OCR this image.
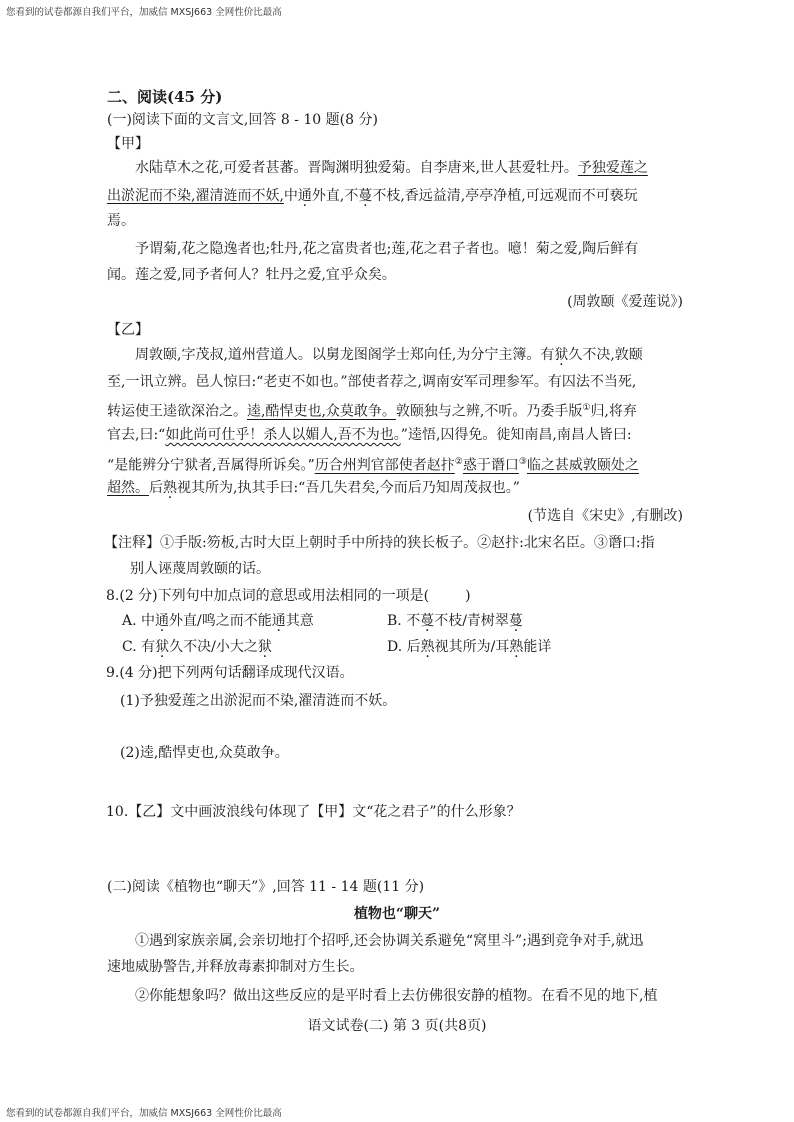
您看到的试卷都源自我们平台，加威信 MXSJ663 全网性价比最高
二、阅读(45 分)
(一)阅读下面的文言文,回答 8 - 10 题(8 分)
【甲】
水陆草木之花,可爱者甚蕃。晋陶渊明独爱菊。自李唐来,世人甚爱牡丹。予独爱莲之
出淤泥而不染,濯清涟而不妖,中通外直,不蔓不枝,香远益清,亭亭净植,可远观而不可亵玩
焉。
予谓菊,花之隐逸者也;牡丹,花之富贵者也;莲,花之君子者也。噫！菊之爱,陶后鲜有
闻。莲之爱,同予者何人？牡丹之爱,宜乎众矣。
(周敦颐《爱莲说》)
【乙】
周敦颐,字茂叔,道州营道人。以舅龙图阁学士郑向任,为分宁主簿。有狱久不决,敦颐
至,一讯立辨。邑人惊曰:“老吏不如也。”部使者荐之,调南安军司理参军。有囚法不当死,
转运使王逵欲深治之。逵,酷悍吏也,众莫敢争。敦颐独与之辨,不听。乃委手版①归,将弃
官去,曰:“如此尚可仕乎！杀人以媚人,吾不为也。”逵悟,囚得免。徙知南昌,南昌人皆曰:
“是能辨分宁狱者,吾属得所诉矣。”历合州判官部使者赵抃②惑于谮口③临之甚威敦颐处之
超然。后熟视其所为,执其手曰:“吾几失君矣,今而后乃知周茂叔也。”
(节选自《宋史》,有删改)
【注释】①手版:笏板,古时大臣上朝时手中所持的狭长板子。②赵抃:北宋名臣。③谮口:指
别人诬蔑周敦颐的话。
8.(2 分)下列句中加点词的意思或用法相同的一项是(	)
A. 中通外直/鸣之而不能通其意	B. 不蔓不枝/青树翠蔓
C. 有狱久不决/小大之狱	D. 后熟视其所为/耳熟能详
9.(4 分)把下列两句话翻译成现代汉语。
(1)予独爱莲之出淤泥而不染,濯清涟而不妖。
(2)逵,酷悍吏也,众莫敢争。
10.【乙】文中画波浪线句体现了【甲】文“花之君子”的什么形象？
(二)阅读《植物也“聊天”》,回答 11 - 14 题(11 分)
植物也“聊天”
①遇到家族亲属,会亲切地打个招呼,还会协调关系避免“窝里斗”;遇到竞争对手,就迅
速地威胁警告,并释放毒素抑制对方生长。
②你能想象吗？做出这些反应的是平时看上去仿佛很安静的植物。在看不见的地下,植
语文试卷(二) 第 3 页(共8页)
您看到的试卷都源自我们平台，加威信 MXSJ663 全网性价比最高
